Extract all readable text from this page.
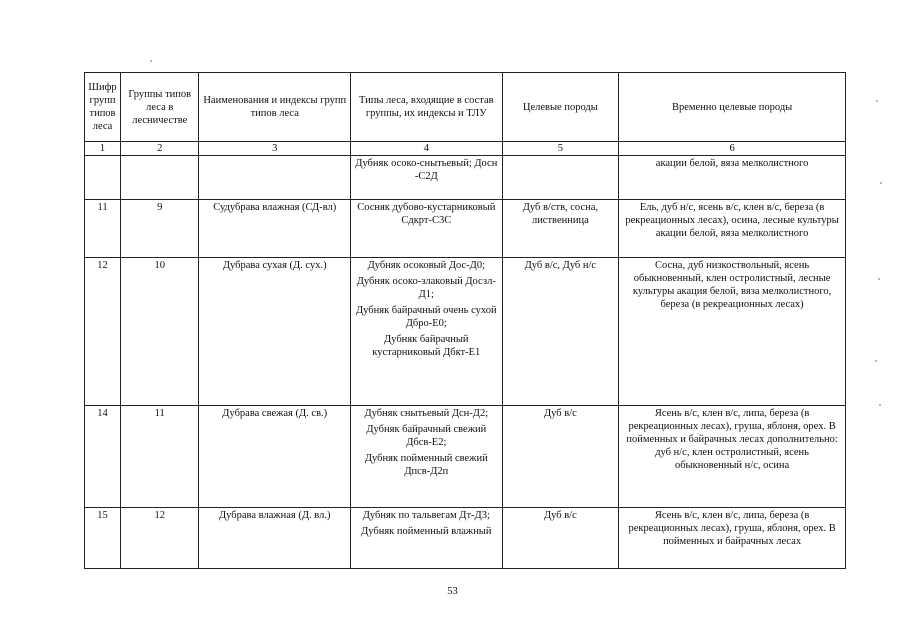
Шифр групп типов леса	Группы типов леса в лесничестве	Наименования и индексы групп типов леса	Типы леса, входящие в состав группы, их индексы и ТЛУ	Целевые породы	Временно целевые породы
1	2	3	4	5	6

			Дубняк осоко-снытьевый; Досн -С2Д		акации белой, вяза мелколистного
11	9	Судубрава влажная (СД-вл)	Сосняк дубово-кустарниковый Сдкрт-С3С	Дуб в/ств, сосна, лиственница	Ель, дуб н/с, ясень в/с, клен в/с, береза (в рекреационных лесах), осина, лесные культуры акации белой, вяза мелколистного
12	10	Дубрава сухая (Д. сух.)	Дубняк осоковый Дос-Д0;
Дубняк осоко-злаковый Досзл-Д1;
Дубняк байрачный очень сухой Дбро-Е0;
Дубняк байрачный кустарниковый Дбкт-Е1	Дуб в/с, Дуб н/с	Сосна, дуб низкоствольный, ясень обыкновенный, клен остролистный, лесные культуры акация белой, вяза мелколистного, береза (в рекреационных лесах)
14	11	Дубрава свежая (Д. св.)	Дубняк снытьевый Дсн-Д2;
Дубняк байрачный свежий Дбсв-Е2;
Дубняк пойменный свежий Дпсв-Д2п	Дуб в/с	Ясень в/с, клен в/с, липа, береза (в рекреационных лесах), груша, яблоня, орех. В пойменных и байрачных лесах дополнительно: дуб н/с, клен остролистный, ясень обыкновенный н/с, осина
15	12	Дубрава влажная (Д. вл.)	Дубняк по тальвегам Дт-Д3;
Дубняк пойменный влажный	Дуб в/с	Ясень в/с, клен в/с, липа, береза (в рекреационных лесах), груша, яблоня, орех. В пойменных и байрачных лесах
53
